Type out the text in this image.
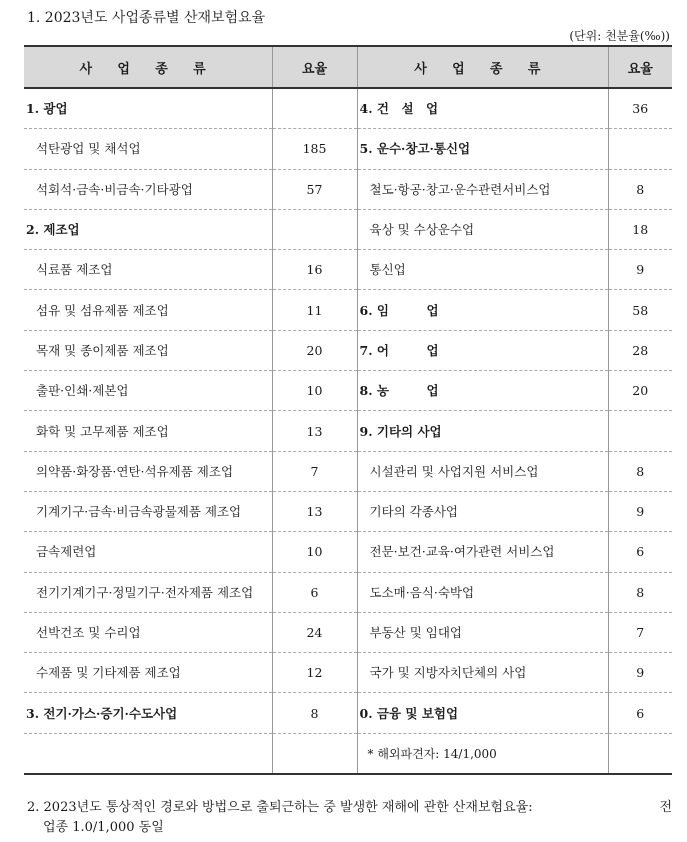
1. 2023년도 사업종류별 산재보험요율
(단위: 천분율(‰))
사 업 종 류	요율	사 업 종 류	요율
1. 광업		4. 건　설　업	36
석탄광업 및 채석업	185	5. 운수·창고·통신업	
석회석·금속·비금속·기타광업	57	철도·항공·창고·운수관련서비스업	8
2. 제조업		육상 및 수상운수업	18
식료품 제조업	16	통신업	9
섬유 및 섬유제품 제조업	11	6. 임　　　업	58
목재 및 종이제품 제조업	20	7. 어　　　업	28
출판·인쇄·제본업	10	8. 농　　　업	20
화학 및 고무제품 제조업	13	9. 기타의 사업	
의약품·화장품·연탄·석유제품 제조업	7	시설관리 및 사업지원 서비스업	8
기계기구·금속·비금속광물제품 제조업	13	기타의 각종사업	9
금속제련업	10	전문·보건·교육·여가관련 서비스업	6
전기기계기구·정밀기구·전자제품 제조업	6	도소매·음식·숙박업	8
선박건조 및 수리업	24	부동산 및 임대업	7
수제품 및 기타제품 제조업	12	국가 및 지방자치단체의 사업	9
3. 전기·가스·증기·수도사업	8	0. 금융 및 보험업	6
		* 해외파견자: 14/1,000	
2. 2023년도 통상적인 경로와 방법으로 출퇴근하는 중 발생한 재해에 관한 산재보험요율:	전

업종 1.0/1,000 동일
